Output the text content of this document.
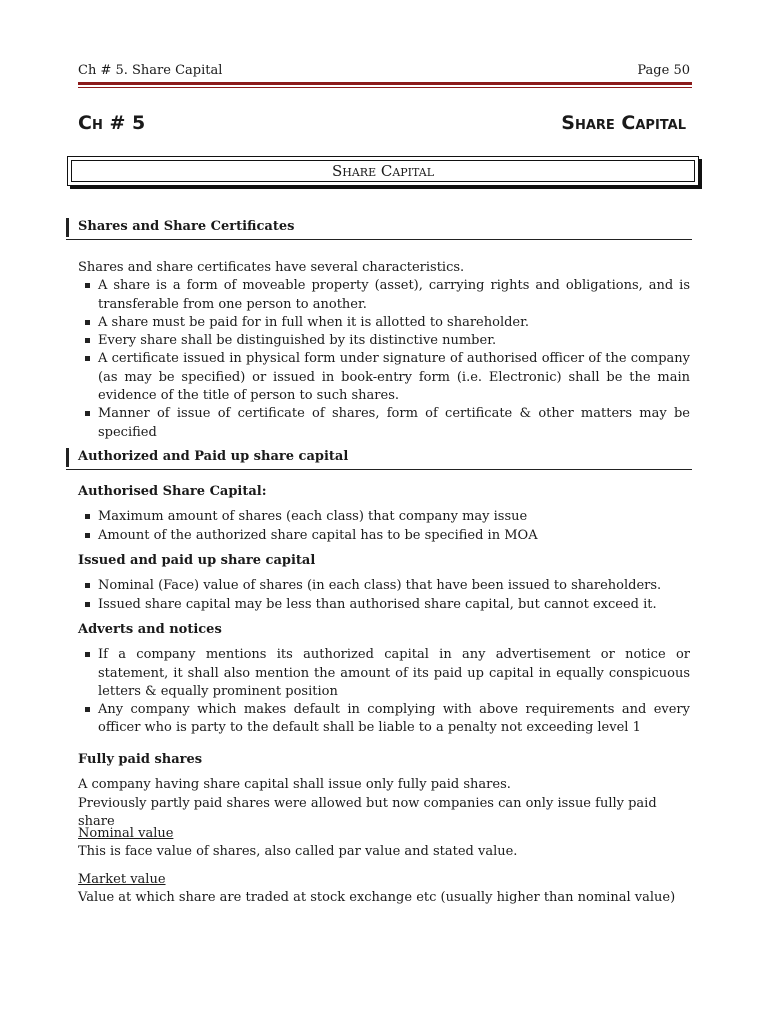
Ch # 5. Share Capital	Page 50
Ch # 5	Share Capital
Share Capital
Shares and Share Certificates

Shares and share certificates have several characteristics.

A share is a form of moveable property (asset), carrying rights and obligations, and is transferable from one person to another.
A share must be paid for in full when it is allotted to shareholder.
Every share shall be distinguished by its distinctive number.
A certificate issued in physical form under signature of authorised officer of the company (as may be specified) or issued in book-entry form (i.e. Electronic) shall be the main evidence of the title of person to such shares.
Manner of issue of certificate of shares, form of certificate & other matters may be specified
Authorized and Paid up share capital

Authorised Share Capital:

Maximum amount of shares (each class) that company may issue
Amount of the authorized share capital has to be specified in MOA

Issued and paid up share capital

Nominal (Face) value of shares (in each class) that have been issued to shareholders.
Issued share capital may be less than authorised share capital, but cannot exceed it.

Adverts and notices

If a company mentions its authorized capital in any advertisement or notice or statement, it shall also mention the amount of its paid up capital in equally conspicuous letters & equally prominent position
Any company which makes default in complying with above requirements and every officer who is party to the default shall be liable to a penalty not exceeding level 1

Fully paid shares

A company having share capital shall issue only fully paid shares.

Previously partly paid shares were allowed but now companies can only issue fully paid share

Nominal value

This is face value of shares, also called par value and stated value.

Market value

Value at which share are traded at stock exchange etc (usually higher than nominal value)
